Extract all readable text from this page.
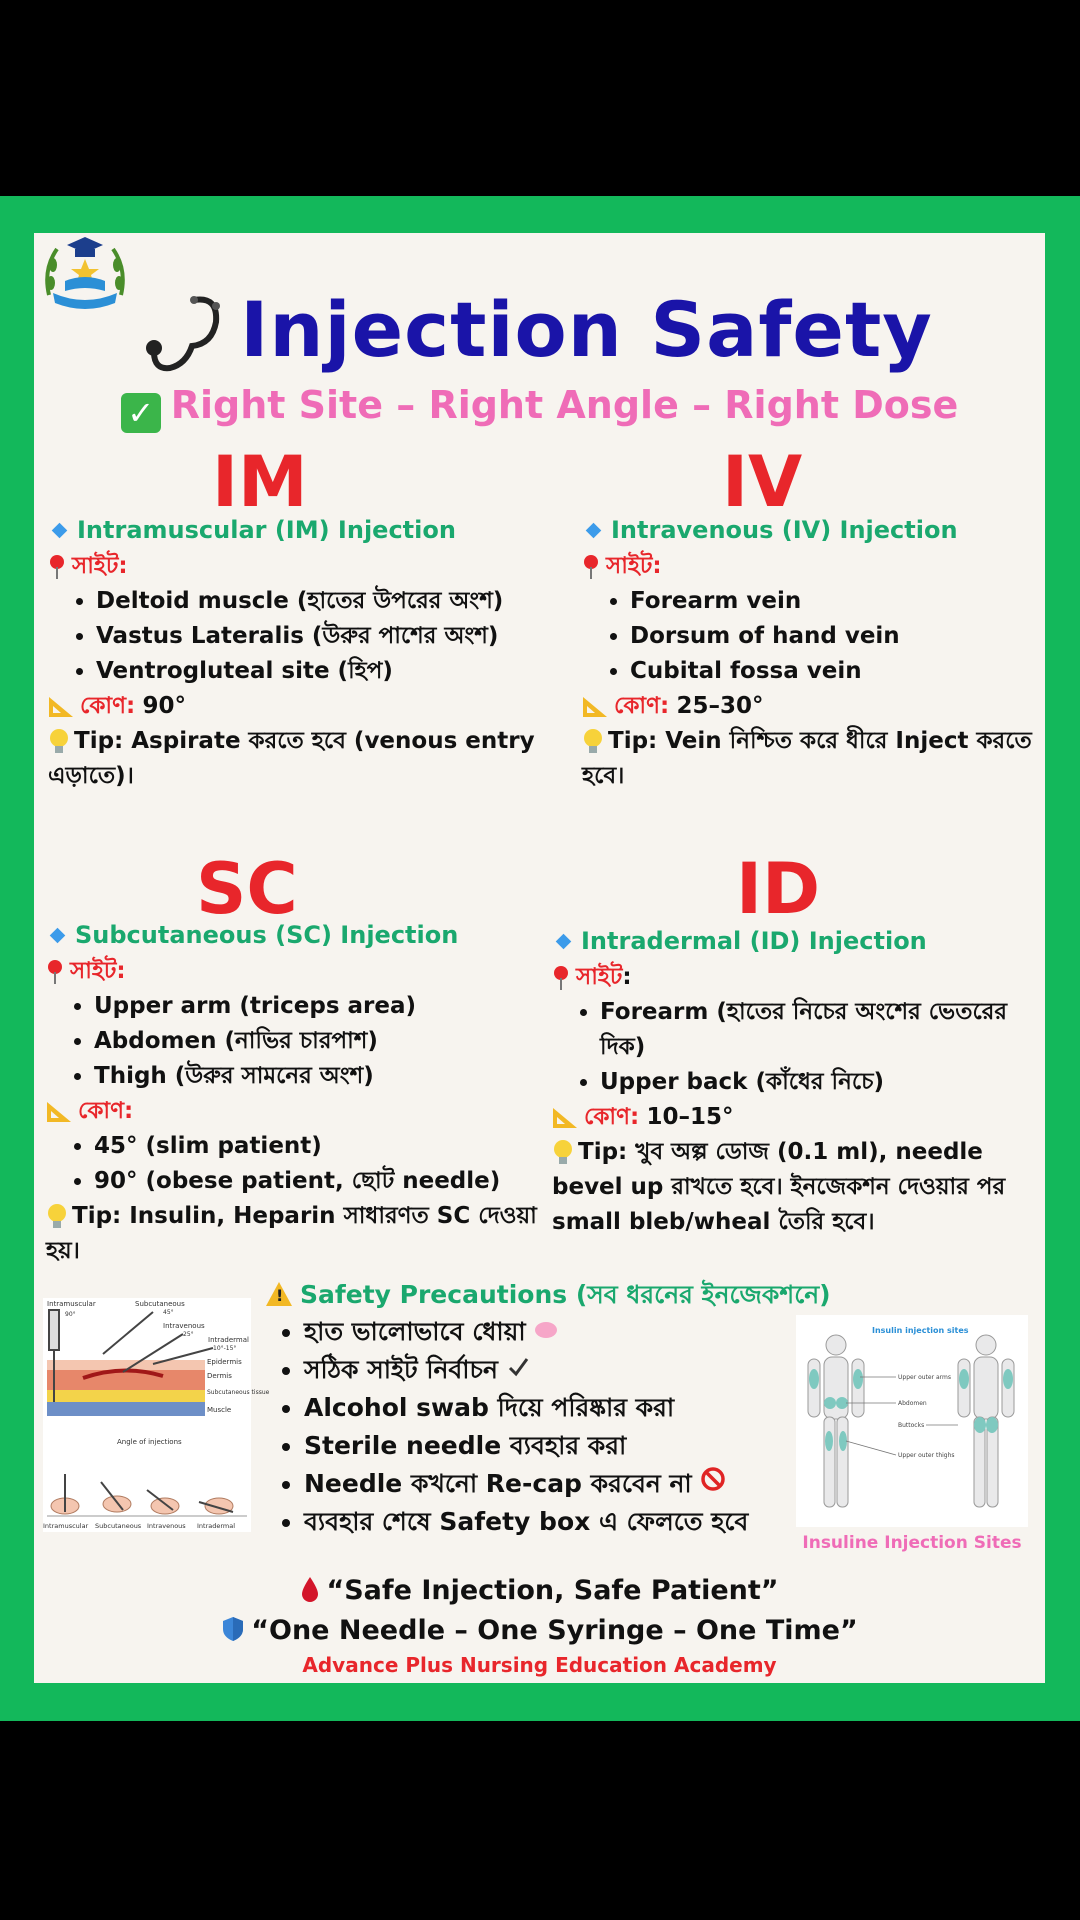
Injection Safety
✓ Right Site – Right Angle – Right Dose
IM
Intramuscular (IM) Injection
সাইট:
• Deltoid muscle (হাতের উপরের অংশ)
• Vastus Lateralis (উরুর পাশের অংশ)
• Ventrogluteal site (হিপ)
কোণ: 90°
Tip: Aspirate করতে হবে (venous entry এড়াতে)।
IV
Intravenous (IV) Injection
সাইট:
• Forearm vein
• Dorsum of hand vein
• Cubital fossa vein
কোণ: 25–30°
Tip: Vein নিশ্চিত করে ধীরে Inject করতে হবে।
SC
Subcutaneous (SC) Injection
সাইট:
• Upper arm (triceps area)
• Abdomen (নাভির চারপাশ)
• Thigh (উরুর সামনের অংশ)
কোণ:
• 45° (slim patient)
• 90° (obese patient, ছোট needle)
Tip: Insulin, Heparin সাধারণত SC দেওয়া হয়।
ID
Intradermal (ID) Injection
সাইট:
• Forearm (হাতের নিচের অংশের ভেতরের দিক)
• Upper back (কাঁধের নিচে)
কোণ: 10–15°
Tip: খুব অল্প ডোজ (0.1 ml), needle bevel up রাখতে হবে। ইনজেকশন দেওয়ার পর small bleb/wheal তৈরি হবে।
Intramuscular	Subcutaneous
Intravenous
Intradermal
90°	45°
25°
10°-15°
Epidermis
Dermis
Subcutaneous tissue
Muscle
Angle of injections
Intramuscular Subcutaneous Intravenous Intradermal
!Safety Precautions (সব ধরনের ইনজেকশনে)
• হাত ভালোভাবে ধোয়া
• সঠিক সাইট নির্বাচন
• Alcohol swab দিয়ে পরিষ্কার করা
• Sterile needle ব্যবহার করা
• Needle কখনো Re-cap করবেন না
• ব্যবহার শেষে Safety box এ ফেলতে হবে
Insulin injection sites
Upper outer arms
Abdomen
Buttocks
Upper outer thighs
Insuline Injection Sites
“Safe Injection, Safe Patient”
“One Needle – One Syringe – One Time”
Advance Plus Nursing Education Academy
